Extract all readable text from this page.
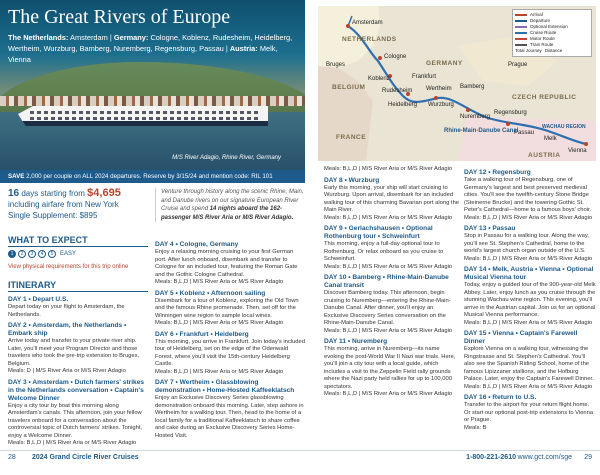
The Great Rivers of Europe
The Netherlands: Amsterdam | Germany: Cologne, Koblenz, Rudesheim, Heidelberg, Wertheim, Wurzburg, Bamberg, Nuremberg, Regensburg, Passau | Austria: Melk, Vienna
M/S River Adagio, Rhine River, Germany
SAVE 2,000 per couple on ALL 2024 departures. Reserve by 3/15/24 and mention code: RIL 101
16 days starting from $4,695
including airfare from New York
Single Supplement: $895
Venture through history along the scenic Rhine, Main, and Danube rivers on our signature European River Cruise and spend 14 nights aboard the 162-passenger M/S River Aria or M/S River Adagio.
WHAT TO EXPECT
1	2	3	4	5	EASY
View physical requirements for this trip online
ITINERARY
DAY 1 • Depart U.S.

Depart today on your flight to Amsterdam, the Netherlands.

DAY 2 • Amsterdam, the Netherlands • Embark ship

Arrive today and transfer to your private river ship. Later, you'll meet your Program Director and those travelers who took the pre-trip extension to Bruges, Belgium.

Meals: D | M/S River Aria or M/S River Adagio

DAY 3 • Amsterdam • Dutch farmers' strikes in the Netherlands conversation • Captain's Welcome Dinner

Enjoy a city tour by boat this morning along Amsterdam's canals. This afternoon, join your fellow travelers onboard for a conversation about the controversial topic of Dutch farmers' strikes. Tonight, enjoy a Welcome Dinner.

Meals: B,L,D | M/S River Aria or M/S River Adagio

DAY 4 • Cologne, Germany

Enjoy a relaxing morning cruising to your first German port. After lunch onboard, disembark and transfer to Cologne for an included tour, featuring the Roman Gate and the Gothic Cologne Cathedral.

Meals: B,L,D | M/S River Aria or M/S River Adagio

DAY 5 • Koblenz • Afternoon sailing

Disembark for a tour of Koblenz, exploring the Old Town and the famous Rhine promenade. Then, set off for the Winningen wine region to sample local wines.

Meals: B,L,D | M/S River Aria or M/S River Adagio

DAY 6 • Frankfurt • Heidelberg

This morning, you arrive in Frankfurt. Join today's included tour of Heidelberg, set on the edge of the Odenwald Forest, where you'll visit the 15th-century Heidelberg Castle.

Meals: B,L,D | M/S River Aria or M/S River Adagio

DAY 7 • Wertheim • Glassblowing demonstration • Home-Hosted Kaffeeklatsch

Enjoy an Exclusive Discovery Series glassblowing demonstration onboard this morning. Later, step ashore in Wertheim for a walking tour. Then, head to the home of a local family for a traditional Kaffeeklatsch to share coffee and cake during an Exclusive Discovery Series Home-Hosted Visit.

Meals: B,L,D | M/S River Aria or M/S River Adagio

DAY 8 • Wurzburg

Early this morning, your ship will start cruising to Wurzburg. Upon arrival, disembark for an included walking tour of this charming Bavarian port along the Main River.

Meals: B,L,D | M/S River Aria or M/S River Adagio

DAY 9 • Gerlachshausen • Optional Rothenburg tour • Schweinfurt

This morning, enjoy a full-day optional tour to Rothenburg. Or relax onboard as you cruise to Schweinfurt.

Meals: B,L,D | M/S River Aria or M/S River Adagio

DAY 10 • Bamberg • Rhine-Main-Danube Canal transit

Discover Bamberg today. This afternoon, begin cruising to Nuremberg—entering the Rhine-Main-Danube Canal. After dinner, you'll enjoy an Exclusive Discovery Series conversation on the Rhine-Main-Danube Canal.

Meals: B,L,D | M/S River Aria or M/S River Adagio

DAY 11 • Nuremberg

This morning, arrive in Nuremberg—its name evoking the post-World War II Nazi war trials. Here, you'll join a city tour with a local guide, which includes a visit to the Zeppelin Field rally grounds where the Nazi party held rallies for up to 100,000 spectators.

Meals: B,L,D | M/S River Aria or M/S River Adagio

DAY 12 • Regensburg

Take a walking tour of Regensburg, one of Germany's largest and best preserved medieval cities. You'll see the twelfth-century Stone Bridge (Steinerne Brucke) and the towering Gothic St. Peter's Cathedral—home to a famous boys' choir.

Meals: B,L,D | M/S River Aria or M/S River Adagio

DAY 13 • Passau

Stop in Passau for a walking tour. Along the way, you'll see St. Stephen's Cathedral, home to the world's largest church organ outside of the U.S.

Meals: B,L,D | M/S River Aria or M/S River Adagio

DAY 14 • Melk, Austria • Vienna • Optional Musical Vienna tour

Today, enjoy a guided tour of the 900-year-old Melk Abbey. Later, enjoy lunch as you cruise through the stunning Wachau wine region. This evening, you'll arrive in the Austrian capital. Join us for an optional Musical Vienna performance.

Meals: B,L,D | M/S River Aria or M/S River Adagio

DAY 15 • Vienna • Captain's Farewell Dinner

Explore Vienna on a walking tour, witnessing the Ringstrasse and St. Stephen's Cathedral. You'll also see the Spanish Riding School, home of the famous Lipizzaner stallions, and the Hofburg Palace. Later, enjoy the Captain's Farewell Dinner.

Meals: B,L,D | M/S River Aria or M/S River Adagio

DAY 16 • Return to U.S.

Transfer to the airport for your return flight home. Or start our optional post-trip extensions to Vienna or Prague.

Meals: B

Amsterdam
Cologne
Bruges
Koblenz	Frankfurt
Rudesheim
Heidelberg
Wertheim
Wurzburg
Bamberg
Nuremberg
Regensburg
Passau
Melk
Vienna
Prague
NETHERLANDS
BELGIUM
GERMANY
CZECH REPUBLIC
FRANCE
AUSTRIA
Rhine-Main-Danube Canal
WACHAU REGION
Arrival
Departure
Optional Extension
Cruise Route
Motor Route
Train Route
Total Journey Distance
28 2024 Grand Circle River Cruises	1-800-221-2610 www.gct.com/sge 29
